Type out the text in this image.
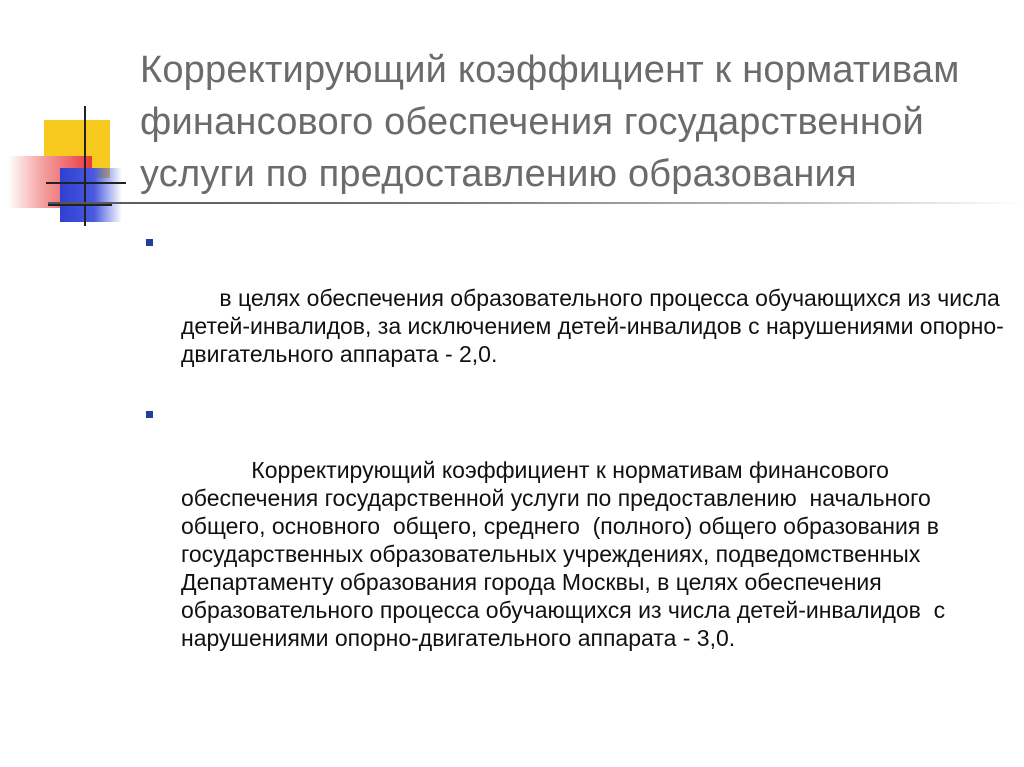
Корректирующий коэффициент к нормативам финансового обеспечения государственной услуги по предоставлению образования

в целях обеспечения образовательного процесса обучающихся из числа детей-инвалидов, за исключением детей-инвалидов с нарушениями опорно-двигательного аппарата - 2,0.

Корректирующий коэффициент к нормативам финансового обеспечения государственной услуги по предоставлению  начального  общего, основного  общего, среднего  (полного) общего образования в государственных образовательных учреждениях, подведомственных Департаменту образования города Москвы, в целях обеспечения образовательного процесса обучающихся из числа детей-инвалидов  с  нарушениями опорно-двигательного аппарата - 3,0.
